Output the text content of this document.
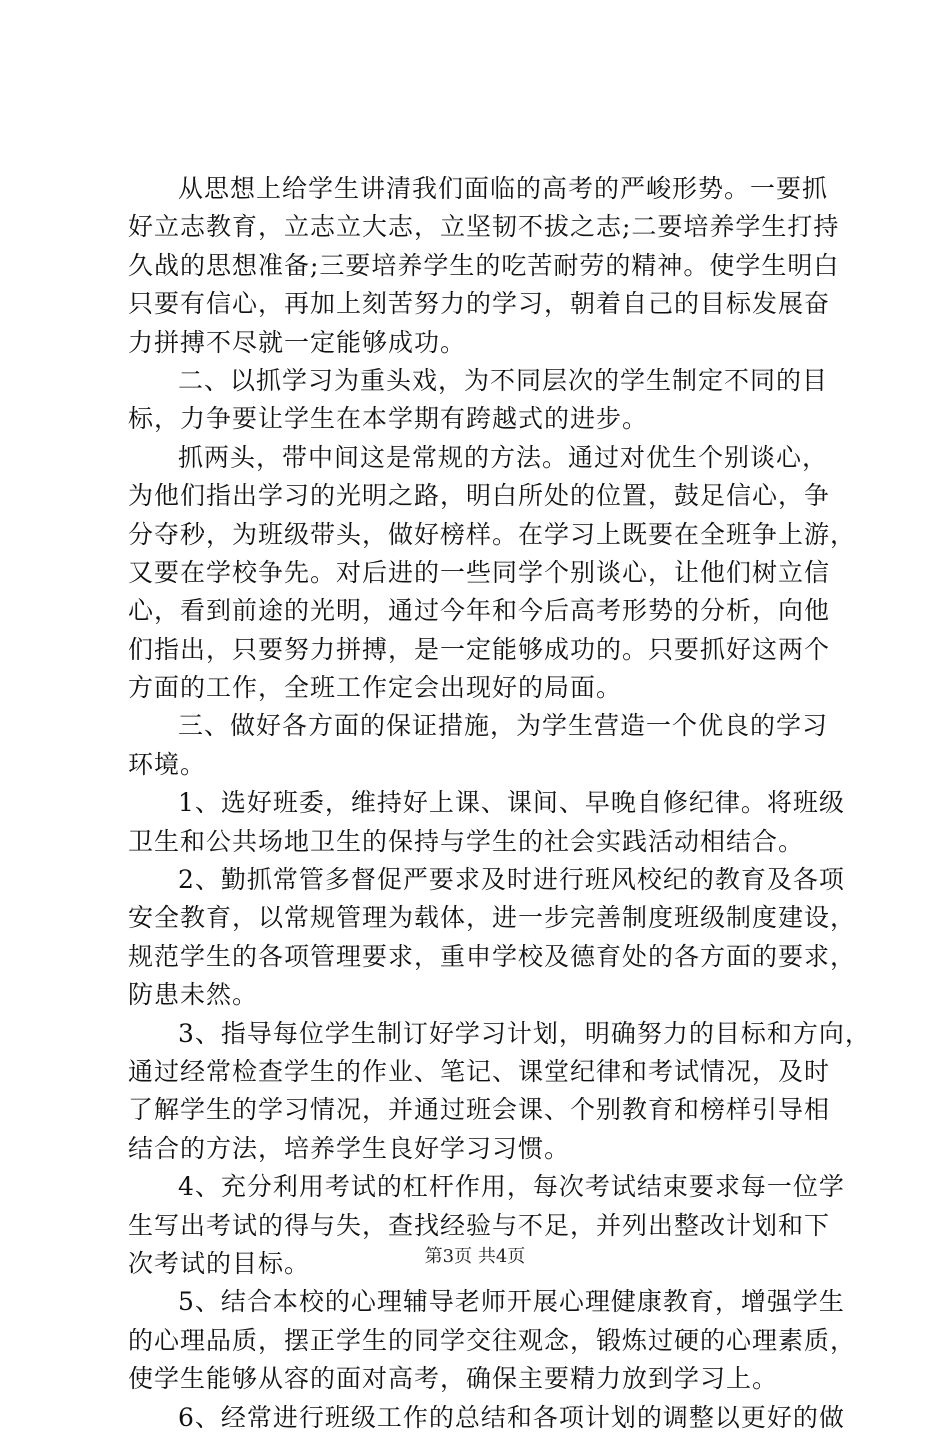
从思想上给学生讲清我们面临的高考的严峻形势。一要抓
好立志教育，立志立大志，立坚韧不拔之志;二要培养学生打持
久战的思想准备;三要培养学生的吃苦耐劳的精神。使学生明白
只要有信心，再加上刻苦努力的学习，朝着自己的目标发展奋
力拼搏不尽就一定能够成功。
二、以抓学习为重头戏，为不同层次的学生制定不同的目
标，力争要让学生在本学期有跨越式的进步。
抓两头，带中间这是常规的方法。通过对优生个别谈心，
为他们指出学习的光明之路，明白所处的位置，鼓足信心，争
分夺秒，为班级带头，做好榜样。在学习上既要在全班争上游，
又要在学校争先。对后进的一些同学个别谈心，让他们树立信
心，看到前途的光明，通过今年和今后高考形势的分析，向他
们指出，只要努力拼搏，是一定能够成功的。只要抓好这两个
方面的工作，全班工作定会出现好的局面。
三、做好各方面的保证措施，为学生营造一个优良的学习
环境。
1、选好班委，维持好上课、课间、早晚自修纪律。将班级
卫生和公共场地卫生的保持与学生的社会实践活动相结合。
2、勤抓常管多督促严要求及时进行班风校纪的教育及各项
安全教育，以常规管理为载体，进一步完善制度班级制度建设，
规范学生的各项管理要求，重申学校及德育处的各方面的要求，
防患未然。
3、指导每位学生制订好学习计划，明确努力的目标和方向，
通过经常检查学生的作业、笔记、课堂纪律和考试情况，及时
了解学生的学习情况，并通过班会课、个别教育和榜样引导相
结合的方法，培养学生良好学习习惯。
4、充分利用考试的杠杆作用，每次考试结束要求每一位学
生写出考试的得与失，查找经验与不足，并列出整改计划和下
次考试的目标。
5、结合本校的心理辅导老师开展心理健康教育，增强学生
的心理品质，摆正学生的同学交往观念，锻炼过硬的心理素质，
使学生能够从容的面对高考，确保主要精力放到学习上。
6、经常进行班级工作的总结和各项计划的调整以更好的做
第3页 共4页
